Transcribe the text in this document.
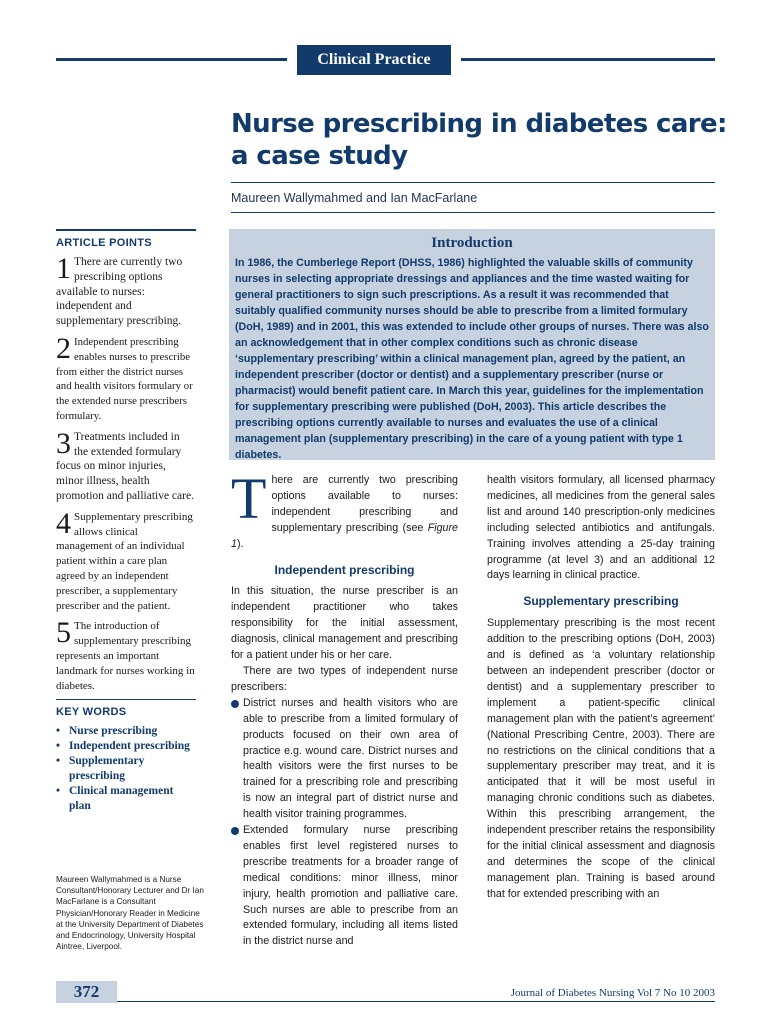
Clinical Practice
Nurse prescribing in diabetes care:
a case study
Maureen Wallymahmed and Ian MacFarlane
ARTICLE POINTS
1 There are currently two prescribing options available to nurses: independent and supplementary prescribing.
2 Independent prescribing enables nurses to prescribe from either the district nurses and health visitors formulary or the extended nurse prescribers formulary.
3 Treatments included in the extended formulary focus on minor injuries, minor illness, health promotion and palliative care.
4 Supplementary prescribing allows clinical management of an individual patient within a care plan agreed by an independent prescriber, a supplementary prescriber and the patient.
5 The introduction of supplementary prescribing represents an important landmark for nurses working in diabetes.
KEY WORDS
• Nurse prescribing
• Independent prescribing
• Supplementary prescribing
• Clinical management plan
Maureen Wallymahmed is a Nurse Consultant/Honorary Lecturer and Dr Ian MacFarlane is a Consultant Physician/Honorary Reader in Medicine at the University Department of Diabetes and Endocrinology, University Hospital Aintree, Liverpool.
Introduction
In 1986, the Cumberlege Report (DHSS, 1986) highlighted the valuable skills of community nurses in selecting appropriate dressings and appliances and the time wasted waiting for general practitioners to sign such prescriptions. As a result it was recommended that suitably qualified community nurses should be able to prescribe from a limited formulary (DoH, 1989) and in 2001, this was extended to include other groups of nurses. There was also an acknowledgement that in other complex conditions such as chronic disease ‘supplementary prescribing’ within a clinical management plan, agreed by the patient, an independent prescriber (doctor or dentist) and a supplementary prescriber (nurse or pharmacist) would benefit patient care. In March this year, guidelines for the implementation for supplementary prescribing were published (DoH, 2003). This article describes the prescribing options currently available to nurses and evaluates the use of a clinical management plan (supplementary prescribing) in the care of a young patient with type 1 diabetes.

There are currently two prescribing options available to nurses: independent prescribing and supplementary prescribing (see Figure 1).

Independent prescribing

In this situation, the nurse prescriber is an independent practitioner who takes responsibility for the initial assessment, diagnosis, clinical management and prescribing for a patient under his or her care.

There are two types of independent nurse prescribers:

District nurses and health visitors who are able to prescribe from a limited formulary of products focused on their own area of practice e.g. wound care. District nurses and health visitors were the first nurses to be trained for a prescribing role and prescribing is now an integral part of district nurse and health visitor training programmes.

Extended formulary nurse prescribing enables first level registered nurses to prescribe treatments for a broader range of medical conditions: minor illness, minor injury, health promotion and palliative care. Such nurses are able to prescribe from an extended formulary, including all items listed in the district nurse and

health visitors formulary, all licensed pharmacy medicines, all medicines from the general sales list and around 140 prescription-only medicines including selected antibiotics and antifungals. Training involves attending a 25-day training programme (at level 3) and an additional 12 days learning in clinical practice.

Supplementary prescribing

Supplementary prescribing is the most recent addition to the prescribing options (DoH, 2003) and is defined as ‘a voluntary relationship between an independent prescriber (doctor or dentist) and a supplementary prescriber to implement a patient-specific clinical management plan with the patient’s agreement’ (National Prescribing Centre, 2003). There are no restrictions on the clinical conditions that a supplementary prescriber may treat, and it is anticipated that it will be most useful in managing chronic conditions such as diabetes. Within this prescribing arrangement, the independent prescriber retains the responsibility for the initial clinical assessment and diagnosis and determines the scope of the clinical management plan. Training is based around that for extended prescribing with an

372	Journal of Diabetes Nursing Vol 7 No 10 2003
